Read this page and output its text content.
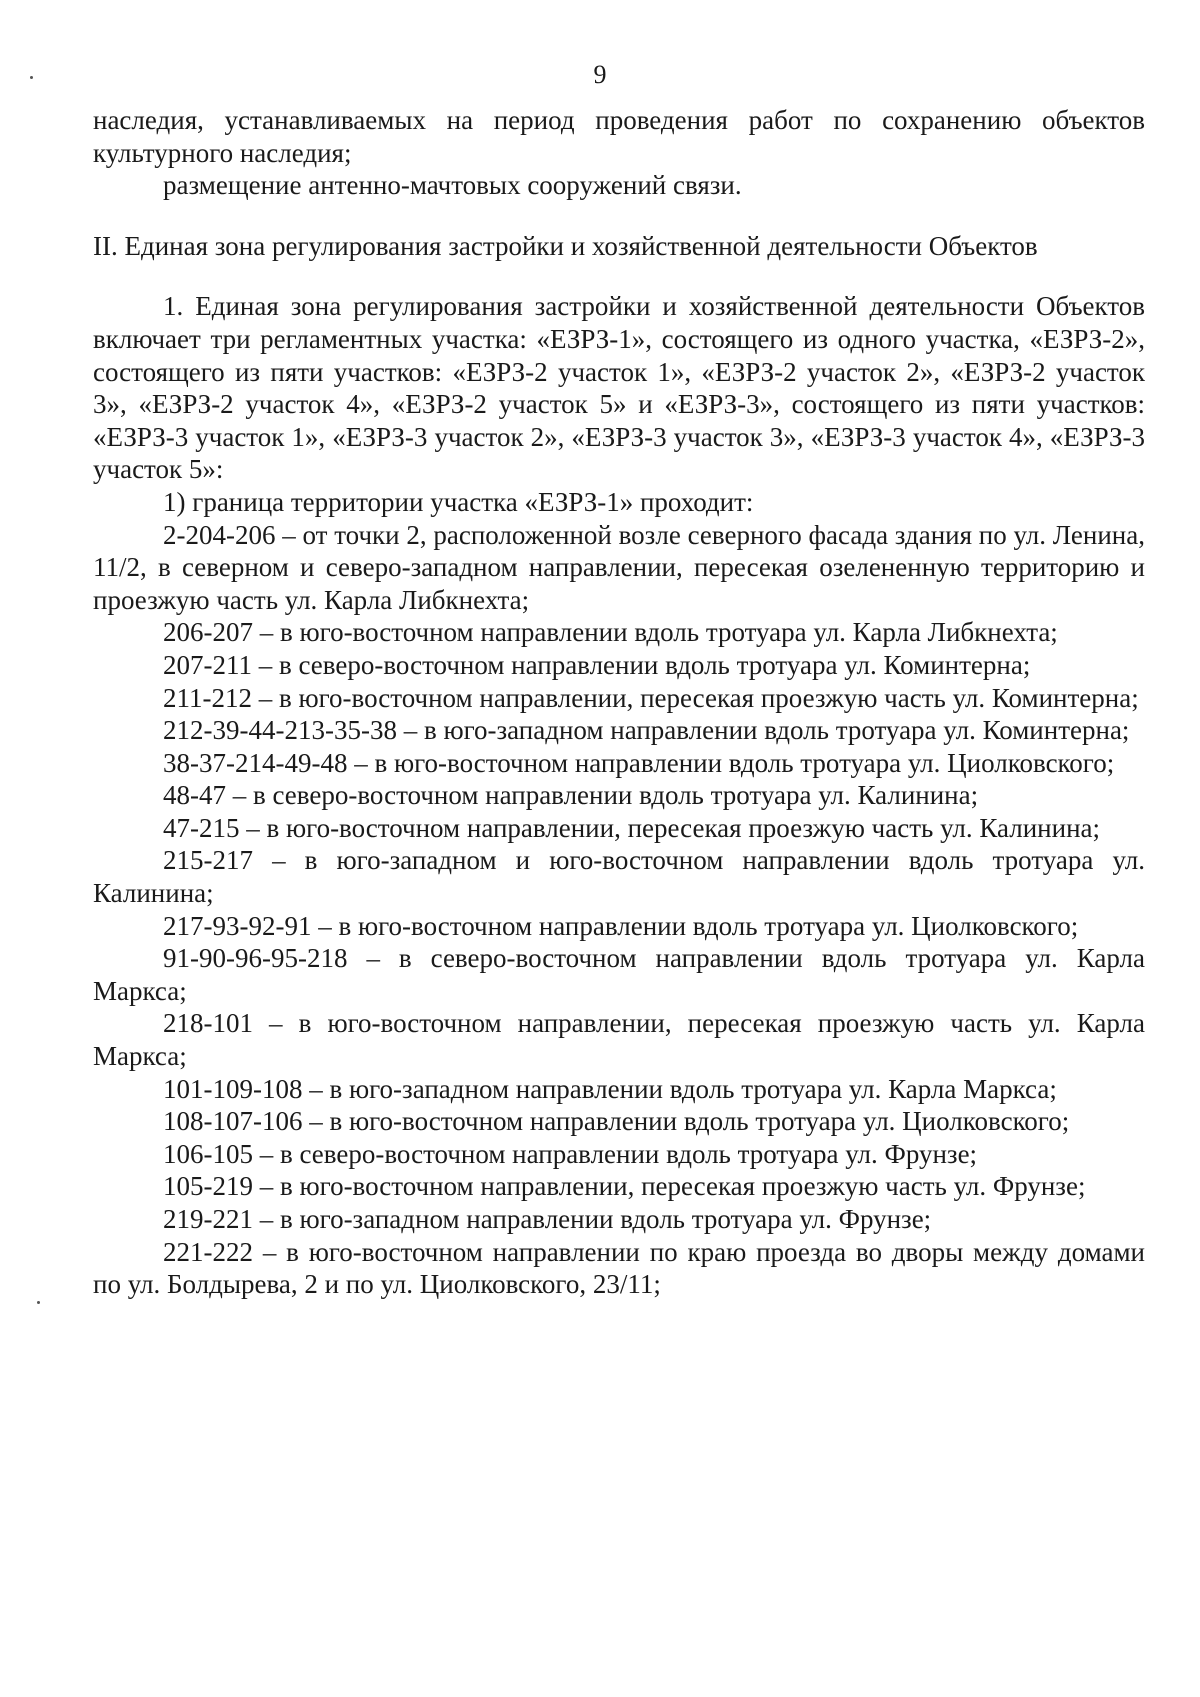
9

наследия, устанавливаемых на период проведения работ по сохранению объектов культурного наследия;

размещение антенно-мачтовых сооружений связи.

II. Единая зона регулирования застройки и хозяйственной деятельности Объектов

1. Единая зона регулирования застройки и хозяйственной деятельности Объектов включает три регламентных участка: «ЕЗРЗ-1», состоящего из одного участка, «ЕЗРЗ-2», состоящего из пяти участков: «ЕЗРЗ-2 участок 1», «ЕЗРЗ-2 участок 2», «ЕЗРЗ-2 участок 3», «ЕЗРЗ-2 участок 4», «ЕЗРЗ-2 участок 5» и «ЕЗРЗ-3», состоящего из пяти участков: «ЕЗРЗ-3 участок 1», «ЕЗРЗ-3 участок 2», «ЕЗРЗ-3 участок 3», «ЕЗРЗ-3 участок 4», «ЕЗРЗ-3 участок 5»:

1) граница территории участка «ЕЗРЗ-1» проходит:

2-204-206 – от точки 2, расположенной возле северного фасада здания по ул. Ленина, 11/2, в северном и северо-западном направлении, пересекая озелененную территорию и проезжую часть ул. Карла Либкнехта;

206-207 – в юго-восточном направлении вдоль тротуара ул. Карла Либкнехта;

207-211 – в северо-восточном направлении вдоль тротуара ул. Коминтерна;

211-212 – в юго-восточном направлении, пересекая проезжую часть ул. Коминтерна;

212-39-44-213-35-38 – в юго-западном направлении вдоль тротуара ул. Коминтерна;

38-37-214-49-48 – в юго-восточном направлении вдоль тротуара ул. Циолковского;

48-47 – в северо-восточном направлении вдоль тротуара ул. Калинина;

47-215 – в юго-восточном направлении, пересекая проезжую часть ул. Калинина;

215-217 – в юго-западном и юго-восточном направлении вдоль тротуара ул. Калинина;

217-93-92-91 – в юго-восточном направлении вдоль тротуара ул. Циолковского;

91-90-96-95-218 – в северо-восточном направлении вдоль тротуара ул. Карла Маркса;

218-101 – в юго-восточном направлении, пересекая проезжую часть ул. Карла Маркса;

101-109-108 – в юго-западном направлении вдоль тротуара ул. Карла Маркса;

108-107-106 – в юго-восточном направлении вдоль тротуара ул. Циолковского;

106-105 – в северо-восточном направлении вдоль тротуара ул. Фрунзе;

105-219 – в юго-восточном направлении, пересекая проезжую часть ул. Фрунзе;

219-221 – в юго-западном направлении вдоль тротуара ул. Фрунзе;

221-222 – в юго-восточном направлении по краю проезда во дворы между домами по ул. Болдырева, 2 и по ул. Циолковского, 23/11;
